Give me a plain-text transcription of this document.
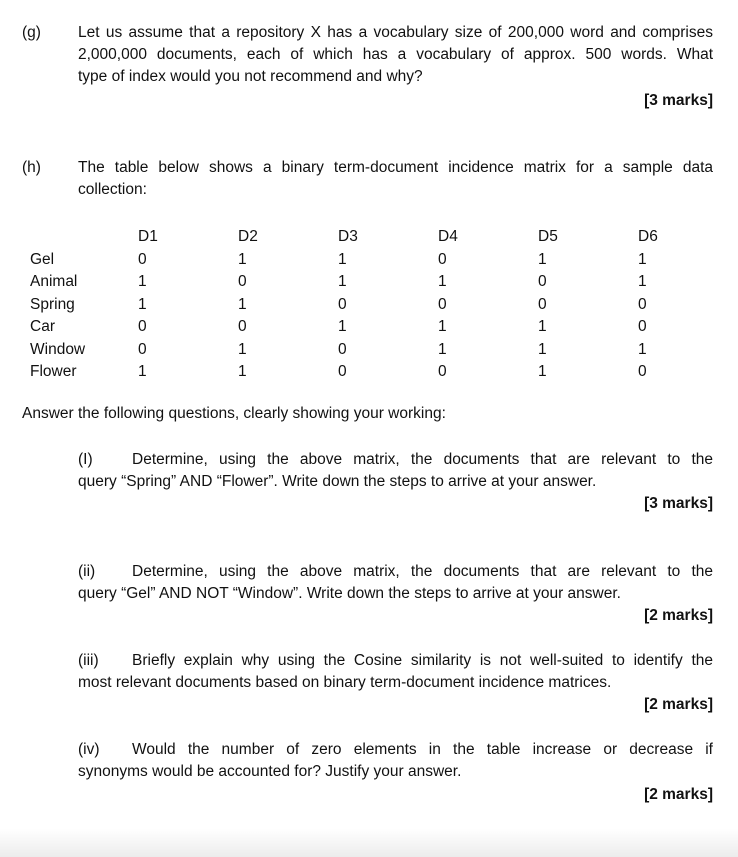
(g) Let us assume that a repository X has a vocabulary size of 200,000 word and comprises
2,000,000 documents, each of which has a vocabulary of approx. 500 words. What
type of index would you not recommend and why?
[3 marks]
(h) The table below shows a binary term-document incidence matrix for a sample data
collection:
	D1	D2	D3	D4	D5	D6
Gel	0	1	1	0	1	1
Animal	1	0	1	1	0	1
Spring	1	1	0	0	0	0
Car	0	0	1	1	1	0
Window	0	1	0	1	1	1
Flower	1	1	0	0	1	0
Answer the following questions, clearly showing your working:
(I)	Determine, using the above matrix, the documents that are relevant to the
query “Spring” AND “Flower”. Write down the steps to arrive at your answer.
[3 marks]
(ii) Determine, using the above matrix, the documents that are relevant to the
query “Gel” AND NOT “Window”. Write down the steps to arrive at your answer.
[2 marks]
(iii) Briefly explain why using the Cosine similarity is not well-suited to identify the
most relevant documents based on binary term-document incidence matrices.
[2 marks]
(iv) Would the number of zero elements in the table increase or decrease if
synonyms would be accounted for? Justify your answer.
[2 marks]
